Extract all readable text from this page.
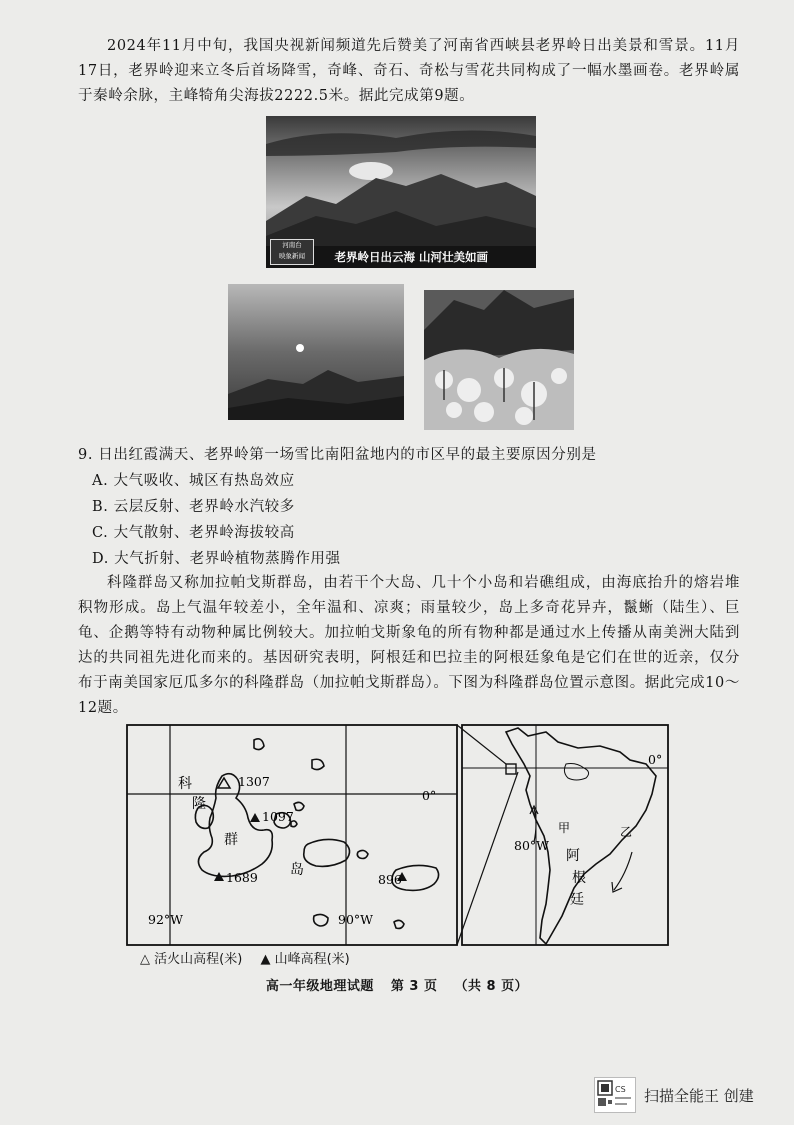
2024年11月中旬，我国央视新闻频道先后赞美了河南省西峡县老界岭日出美景和雪景。11月17日，老界岭迎来立冬后首场降雪，奇峰、奇石、奇松与雪花共同构成了一幅水墨画卷。老界岭属于秦岭余脉，主峰犄角尖海拔2222.5米。据此完成第9题。

河南台
映象新闻	老界岭日出云海 山河壮美如画
9. 日出红霞满天、老界岭第一场雪比南阳盆地内的市区早的最主要原因分别是
A. 大气吸收、城区有热岛效应
B. 云层反射、老界岭水汽较多
C. 大气散射、老界岭海拔较高
D. 大气折射、老界岭植物蒸腾作用强

科隆群岛又称加拉帕戈斯群岛，由若干个大岛、几十个小岛和岩礁组成，由海底抬升的熔岩堆积物形成。岛上气温年较差小，全年温和、凉爽；雨量较少，岛上多奇花异卉，鬣蜥（陆生）、巨龟、企鹅等特有动物种属比例较大。加拉帕戈斯象龟的所有物种都是通过水上传播从南美洲大陆到达的共同祖先进化而来的。基因研究表明，阿根廷和巴拉圭的阿根廷象龟是它们在世的近亲，仅分布于南美国家厄瓜多尔的科隆群岛（加拉帕戈斯群岛）。下图为科隆群岛位置示意图。据此完成10～12题。

1307
1097
1689	896
0°
科
隆
群
岛
92°W	90°W
0°
80°W
甲	乙
阿
根
廷
△ 活火山高程(米) ▲ 山峰高程(米)
高一年级地理试题 第 3 页 （共 8 页）
CS 扫描全能王 创建
